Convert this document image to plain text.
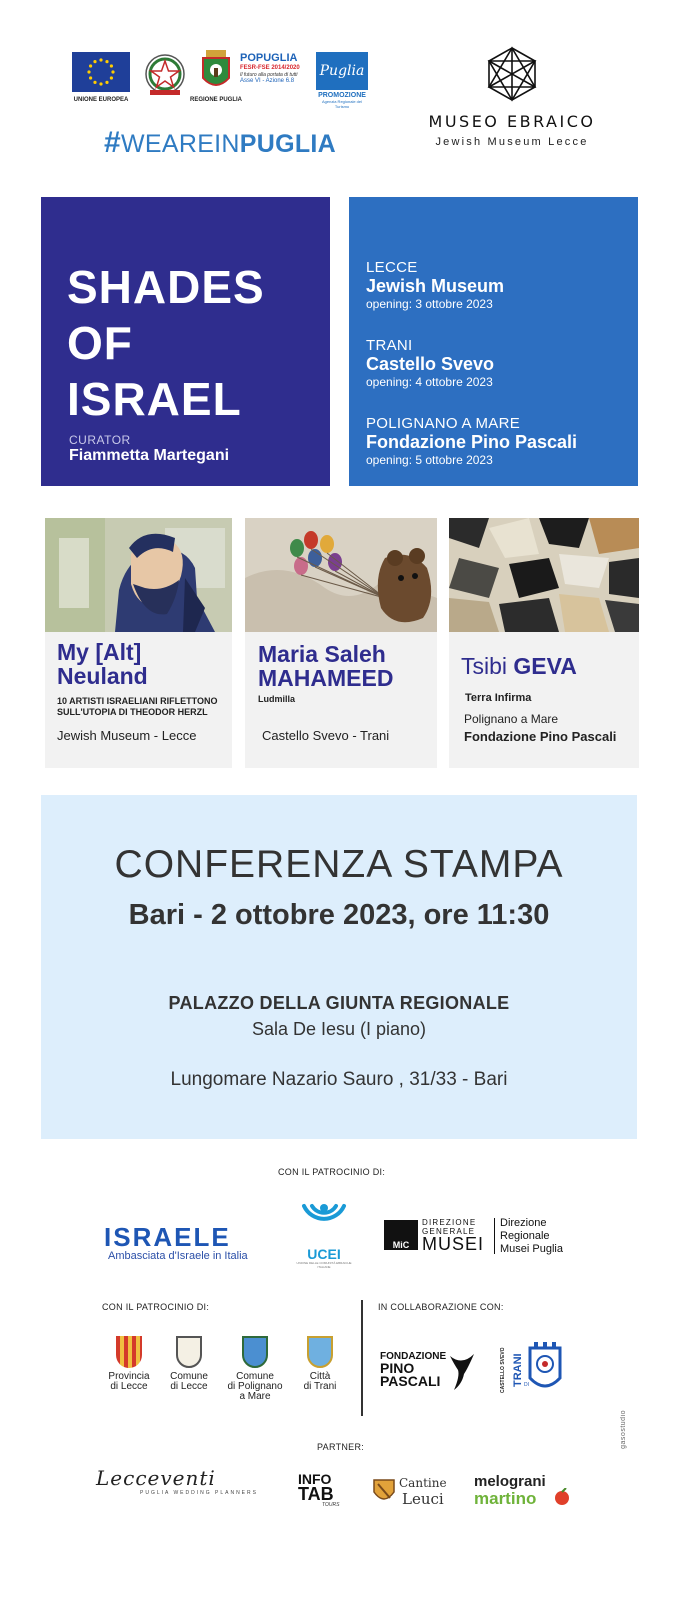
UNIONE EUROPEA	REGIONE PUGLIA
POPUGLIA
FESR-FSE 2014/2020
Il futuro alla portata di tutti
Asse VI - Azione 6.8
Puglia
PROMOZIONE
Agenzia Regionale del Turismo
#WEAREINPUGLIA
MUSEO EBRAICO
Jewish Museum Lecce
SHADES
OF
ISRAEL
CURATOR
Fiammetta Martegani
LECCE
Jewish Museum
opening: 3 ottobre 2023
TRANI
Castello Svevo
opening: 4 ottobre 2023
POLIGNANO A MARE
Fondazione Pino Pascali
opening: 5 ottobre 2023
My [Alt]
Neuland
10 ARTISTI ISRAELIANI RIFLETTONO
SULL'UTOPIA DI THEODOR HERZL
Jewish Museum - Lecce
Maria Saleh
MAHAMEED
Ludmilla
Castello Svevo - Trani
Tsibi GEVA
Terra Infirma
Polignano a Mare
Fondazione Pino Pascali
CONFERENZA STAMPA
Bari - 2 ottobre 2023, ore 11:30
PALAZZO DELLA GIUNTA REGIONALE
Sala De Iesu (I piano)
Lungomare Nazario Sauro , 31/33 - Bari
CON IL PATROCINIO DI:
ISRAELE
Ambasciata d'Israele in Italia	UCEI
UNIONE DELLE COMUNITÀ EBRAICHE ITALIANE
MiC
DIREZIONE
GENERALE
MUSEI
Direzione
Regionale
Musei Puglia
CON IL PATROCINIO DI:
Provincia
di Lecce
Comune
di Lecce
Comune
di Polignano
a Mare
Città
di Trani
IN COLLABORAZIONE CON:
FONDAZIONE
PINO
PASCALI	CASTELLO SVEVO TRANI DI
gasostudio
PARTNER:
Lecceventi
PUGLIA WEDDING PLANNERS
INFO
TAB
TOURS
Cantine
Leuci
melograni
martino
